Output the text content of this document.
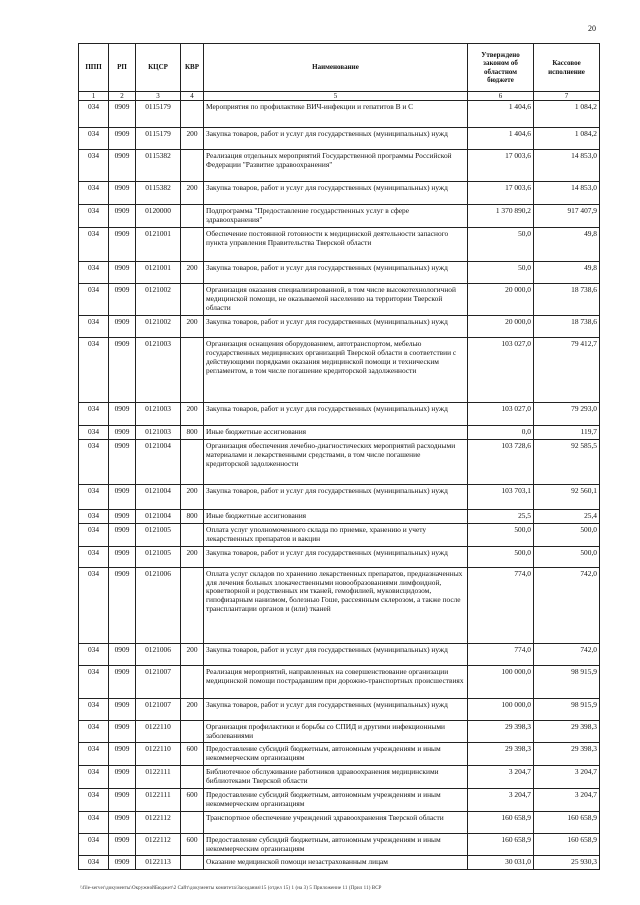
20
ППП	РП	КЦСР	КВР	Наименование	Утверждено законом об областном бюджете	Кассовое исполнение
1	2	3	4	5	6	7
034	0909	0115179		Мероприятия по профилактике ВИЧ-инфекции и гепатитов В и С	1 404,6	1 084,2
034	0909	0115179	200	Закупка товаров, работ и услуг для государственных (муниципальных) нужд	1 404,6	1 084,2
034	0909	0115382		Реализация отдельных мероприятий Государственной программы Российской Федерации "Развитие здравоохранения"	17 003,6	14 853,0
034	0909	0115382	200	Закупка товаров, работ и услуг для государственных (муниципальных) нужд	17 003,6	14 853,0
034	0909	0120000		Подпрограмма "Предоставление государственных услуг в сфере здравоохранения"	1 370 890,2	917 407,9
034	0909	0121001		Обеспечение постоянной готовности к медицинской деятельности запасного пункта управления Правительства Тверской области	50,0	49,8
034	0909	0121001	200	Закупка товаров, работ и услуг для государственных (муниципальных) нужд	50,0	49,8
034	0909	0121002		Организация оказания специализированной, в том числе высокотехнологичной медицинской помощи, не оказываемой населению на территории Тверской области	20 000,0	18 738,6
034	0909	0121002	200	Закупка товаров, работ и услуг для государственных (муниципальных) нужд	20 000,0	18 738,6
034	0909	0121003		Организация оснащения оборудованием, автотранспортом, мебелью государственных медицинских организаций Тверской области в соответствии с действующими порядками оказания медицинской помощи и техническим регламентом, в том числе погашение кредиторской задолженности	103 027,0	79 412,7
034	0909	0121003	200	Закупка товаров, работ и услуг для государственных (муниципальных) нужд	103 027,0	79 293,0
034	0909	0121003	800	Иные бюджетные ассигнования	0,0	119,7
034	0909	0121004		Организация обеспечения лечебно-диагностических мероприятий расходными материалами и лекарственными средствами, в том числе погашение кредиторской задолженности	103 728,6	92 585,5
034	0909	0121004	200	Закупка товаров, работ и услуг для государственных (муниципальных) нужд	103 703,1	92 560,1
034	0909	0121004	800	Иные бюджетные ассигнования	25,5	25,4
034	0909	0121005		Оплата услуг уполномоченного склада по приемке, хранению и учету лекарственных препаратов и вакцин	500,0	500,0
034	0909	0121005	200	Закупка товаров, работ и услуг для государственных (муниципальных) нужд	500,0	500,0
034	0909	0121006		Оплата услуг складов по хранению лекарственных препаратов, предназначенных для лечения больных злокачественными новообразованиями лимфоидной, кроветворной и родственных им тканей, гемофилией, муковисцидозом, гипофизарным нанизмом, болезнью Гоше, рассеянным склерозом, а также после трансплантации органов и (или) тканей	774,0	742,0
034	0909	0121006	200	Закупка товаров, работ и услуг для государственных (муниципальных) нужд	774,0	742,0
034	0909	0121007		Реализация мероприятий, направленных на совершенствование организации медицинской помощи пострадавшим при дорожно-транспортных происшествиях	100 000,0	98 915,9
034	0909	0121007	200	Закупка товаров, работ и услуг для государственных (муниципальных) нужд	100 000,0	98 915,9
034	0909	0122110		Организация профилактики и борьбы со СПИД и другими инфекционными заболеваниями	29 398,3	29 398,3
034	0909	0122110	600	Предоставление субсидий бюджетным, автономным учреждениям и иным некоммерческим организациям	29 398,3	29 398,3
034	0909	0122111		Библиотечное обслуживание работников здравоохранения медицинскими библиотеками Тверской области	3 204,7	3 204,7
034	0909	0122111	600	Предоставление субсидий бюджетным, автономным учреждениям и иным некоммерческим организациям	3 204,7	3 204,7
034	0909	0122112		Транспортное обеспечение учреждений здравоохранения Тверской области	160 658,9	160 658,9
034	0909	0122112	600	Предоставление субсидий бюджетным, автономным учреждениям и иным некоммерческим организациям	160 658,9	160 658,9
034	0909	0122113		Оказание медицинской помощи незастрахованным лицам	30 031,0	25 930,3
\\file-server\документы\ОкружнойБюджет\2 Сайт\документы комитета\Заседания\15 (отдел 15) 1 (на 3) 5 Приложение 11 (Прил 11) ВСР
